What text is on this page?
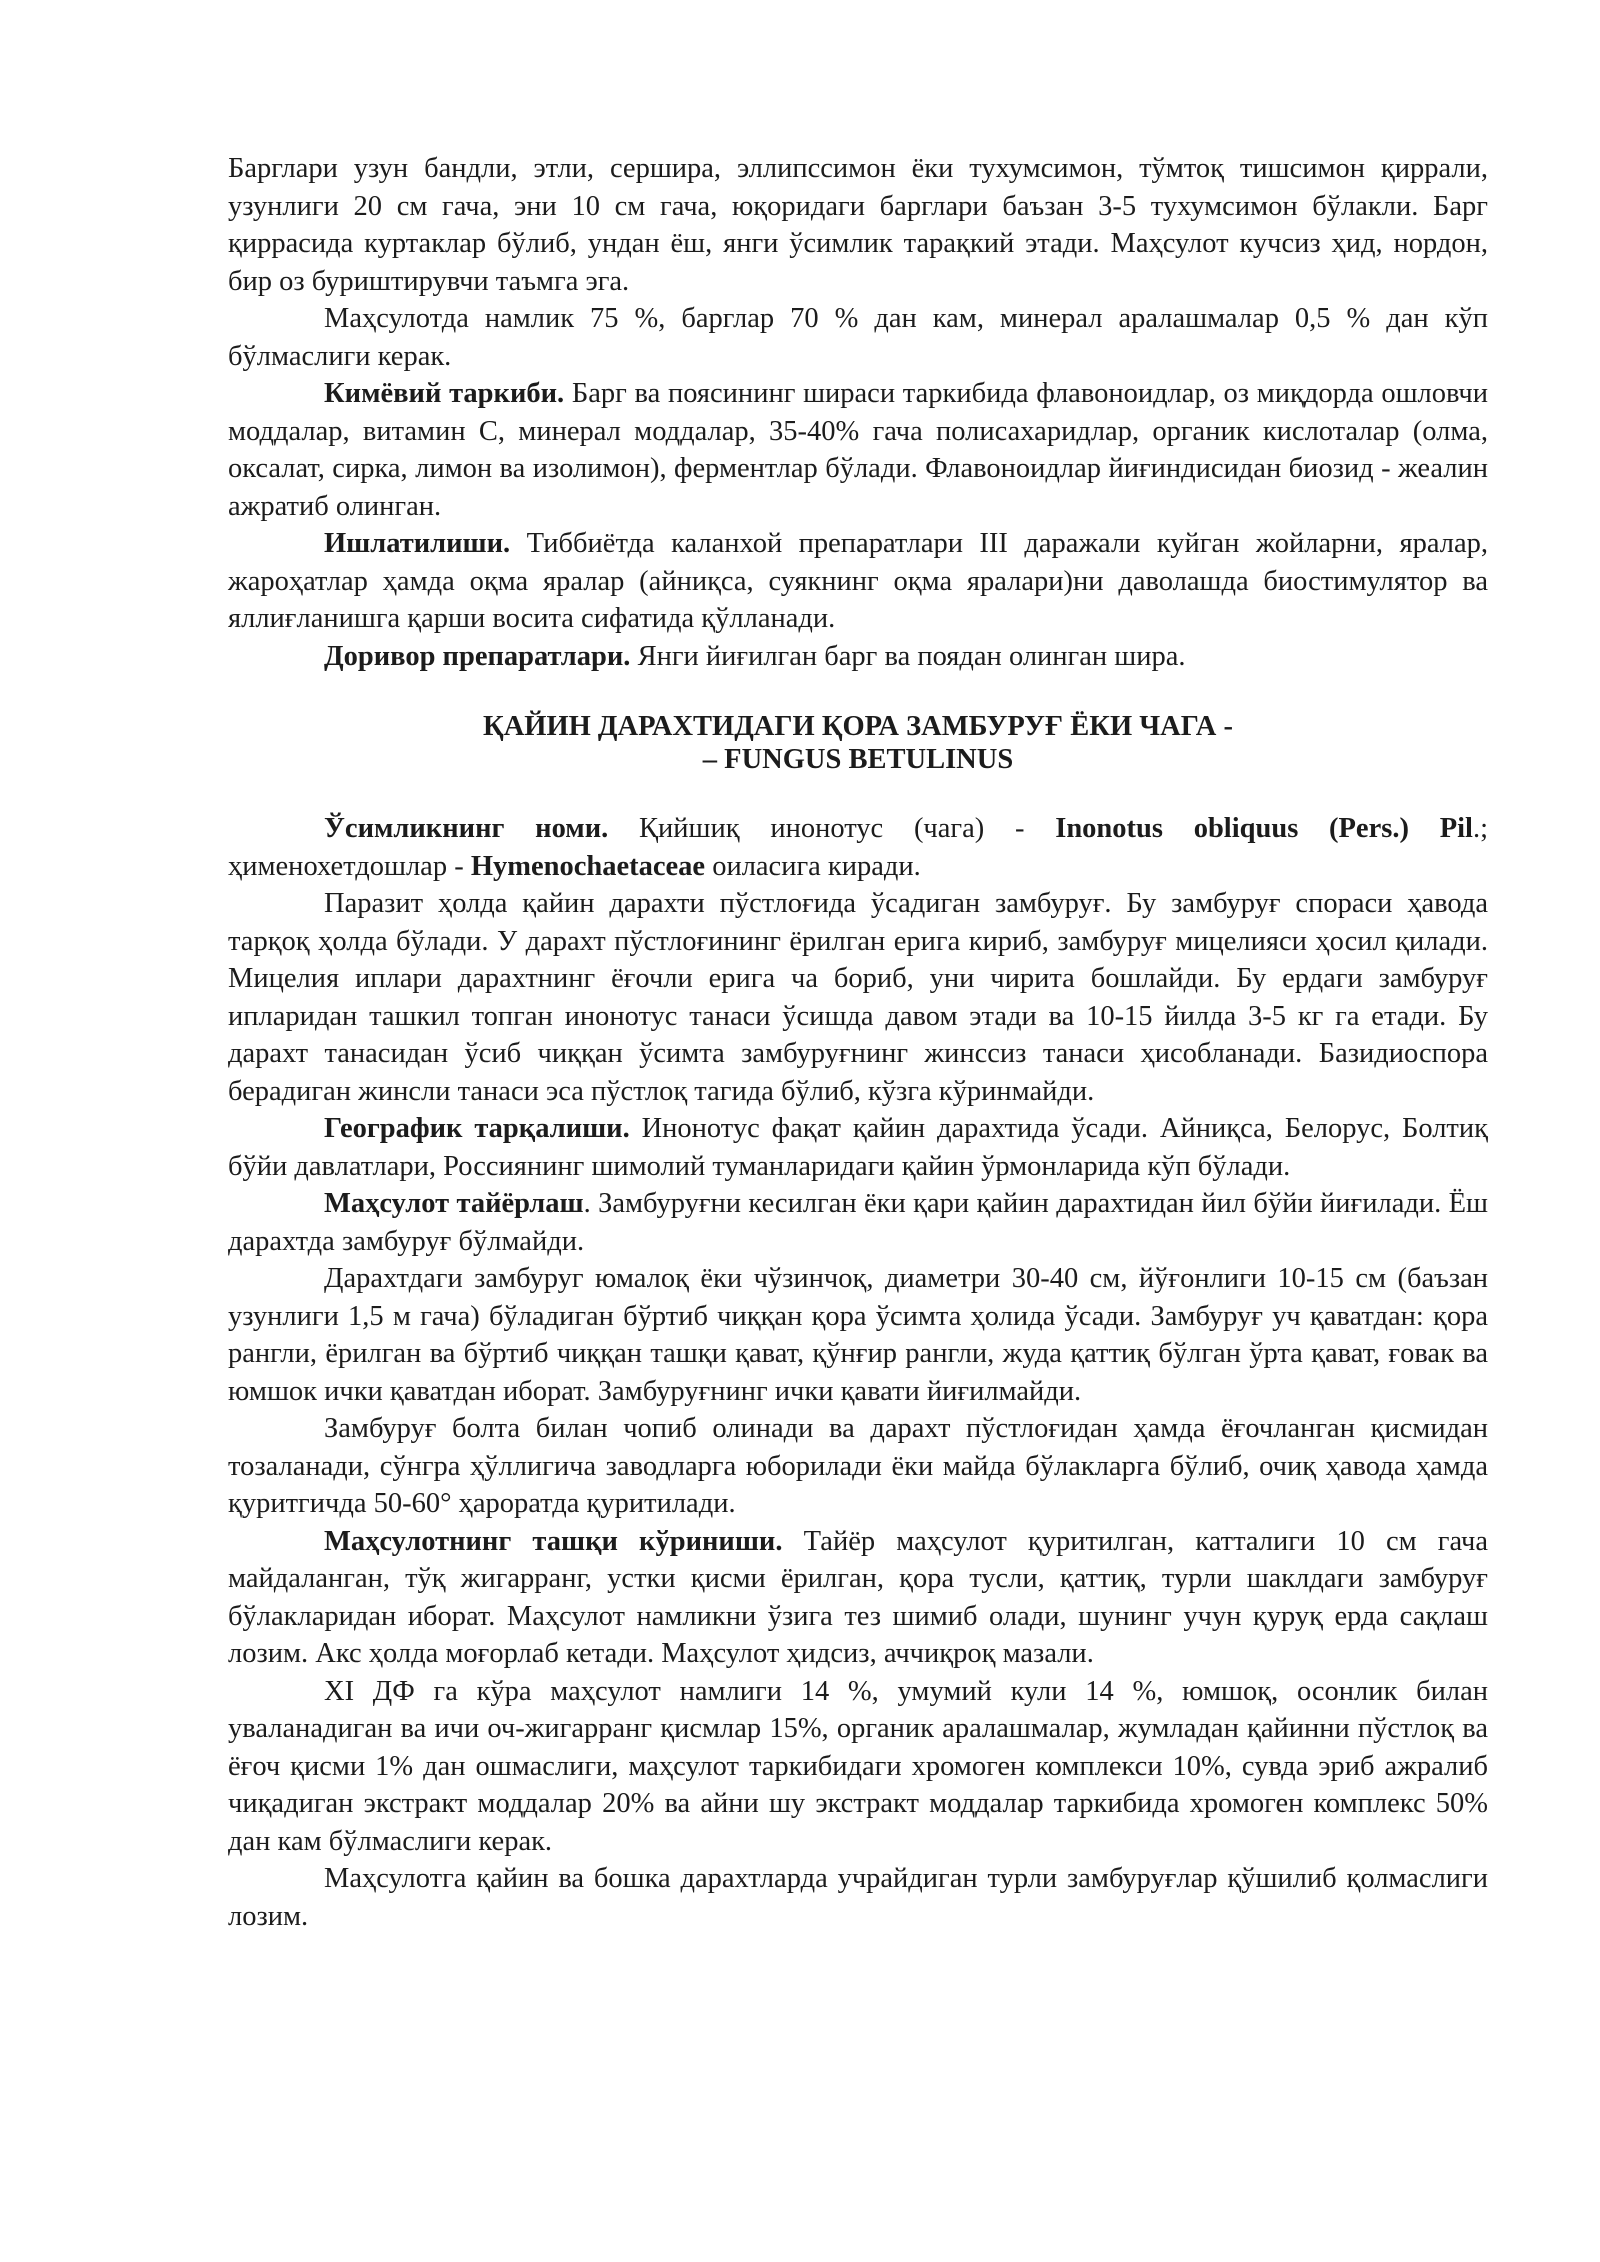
Барглари узун бандли, этли, сершира, эллипссимон ёки тухумсимон, тўмтоқ тишсимон қиррали, узунлиги 20 см гача, эни 10 см гача, юқоридаги барглари баъзан 3-5 тухумсимон бўлакли. Барг қиррасида куртаклар бўлиб, ундан ёш, янги ўсимлик тарақкий этади. Маҳсулот кучсиз ҳид, нордон, бир оз буриштирувчи таъмга эга.

Маҳсулотда намлик 75 %, барглар 70 % дан кам, минерал аралашмалар 0,5 % дан кўп бўлмаслиги керак.

Кимёвий таркиби. Барг ва поясининг шираси таркибида флавоноидлар, оз миқдорда ошловчи моддалар, витамин С, минерал моддалар, 35-40% гача полисахаридлар, органик кислоталар (олма, оксалат, сирка, лимон ва изолимон), ферментлар бўлади. Флавоноидлар йиғиндисидан биозид - жеалин ажратиб олинган.

Ишлатилиши. Тиббиётда каланхой препаратлари III даражали куйган жойларни, яралар, жароҳатлар ҳамда оқма яралар (айниқса, суякнинг оқма яралари)ни даволашда биостимулятор ва яллиғланишга қарши восита сифатида қўлланади.

Доривор препаратлари. Янги йиғилган барг ва поядан олинган шира.

ҚАЙИН ДАРАХТИДАГИ ҚОРА ЗАМБУРУҒ ЁКИ ЧАГА -
– FUNGUS BETULINUS

Ўсимликнинг номи. Қийшиқ инонотус (чага) - Inonotus obliquus (Pers.) Pil.; ҳименохетдошлар - Hymenochaetaceae оиласига киради.

Паразит ҳолда қайин дарахти пўстлоғида ўсадиган замбуруғ. Бу замбуруғ спораси ҳавода тарқоқ ҳолда бўлади. У дарахт пўстлоғининг ёрилган ерига кириб, замбуруғ мицелияси ҳосил қилади. Мицелия иплари дарахтнинг ёғочли ерига ча бориб, уни чирита бошлайди. Бу ердаги замбуруғ ипларидан ташкил топган инонотус танаси ўсишда давом этади ва 10-15 йилда 3-5 кг га етади. Бу дарахт танасидан ўсиб чиққан ўсимта замбуруғнинг жинссиз танаси ҳисобланади. Базидиоспора берадиган жинсли танаси эса пўстлоқ тагида бўлиб, кўзга кўринмайди.

Географик тарқалиши. Инонотус фақат қайин дарахтида ўсади. Айниқса, Белорус, Болтиқ бўйи давлатлари, Россиянинг шимолий туманларидаги қайин ўрмонларида кўп бўлади.

Маҳсулот тайёрлаш. Замбуруғни кесилган ёки қари қайин дарахтидан йил бўйи йиғилади. Ёш дарахтда замбуруғ бўлмайди.

Дарахтдаги замбуруг юмалоқ ёки чўзинчоқ, диаметри 30-40 см, йўғонлиги 10-15 см (баъзан узунлиги 1,5 м гача) бўладиган бўртиб чиққан қора ўсимта ҳолида ўсади. Замбуруғ уч қаватдан: қора рангли, ёрилган ва бўртиб чиққан ташқи қават, қўнғир рангли, жуда қаттиқ бўлган ўрта қават, ғовак ва юмшок ички қаватдан иборат. Замбуруғнинг ички қавати йиғилмайди.

Замбуруғ болта билан чопиб олинади ва дарахт пўстлоғидан ҳамда ёғочланган қисмидан тозаланади, сўнгра ҳўллигича заводларга юборилади ёки майда бўлакларга бўлиб, очиқ ҳавода ҳамда қуритгичда 50-60° ҳароратда қуритилади.

Маҳсулотнинг ташқи кўриниши. Тайёр маҳсулот қуритилган, катталиги 10 см гача майдаланган, тўқ жигарранг, устки қисми ёрилган, қора тусли, қаттиқ, турли шаклдаги замбуруғ бўлакларидан иборат. Маҳсулот намликни ўзига тез шимиб олади, шунинг учун қуруқ ерда сақлаш лозим. Акс ҳолда моғорлаб кетади. Маҳсулот ҳидсиз, аччиқроқ мазали.

XI ДФ га кўра маҳсулот намлиги 14 %, умумий кули 14 %, юмшоқ, осонлик билан уваланадиган ва ичи оч-жигарранг қисмлар 15%, органик аралашмалар, жумладан қайинни пўстлоқ ва ёғоч қисми 1% дан ошмаслиги, маҳсулот таркибидаги хромоген комплекси 10%, сувда эриб ажралиб чиқадиган экстракт моддалар 20% ва айни шу экстракт моддалар таркибида хромоген комплекс 50% дан кам бўлмаслиги керак.

Маҳсулотга қайин ва бошка дарахтларда учрайдиган турли замбуруғлар қўшилиб қолмаслиги лозим.
